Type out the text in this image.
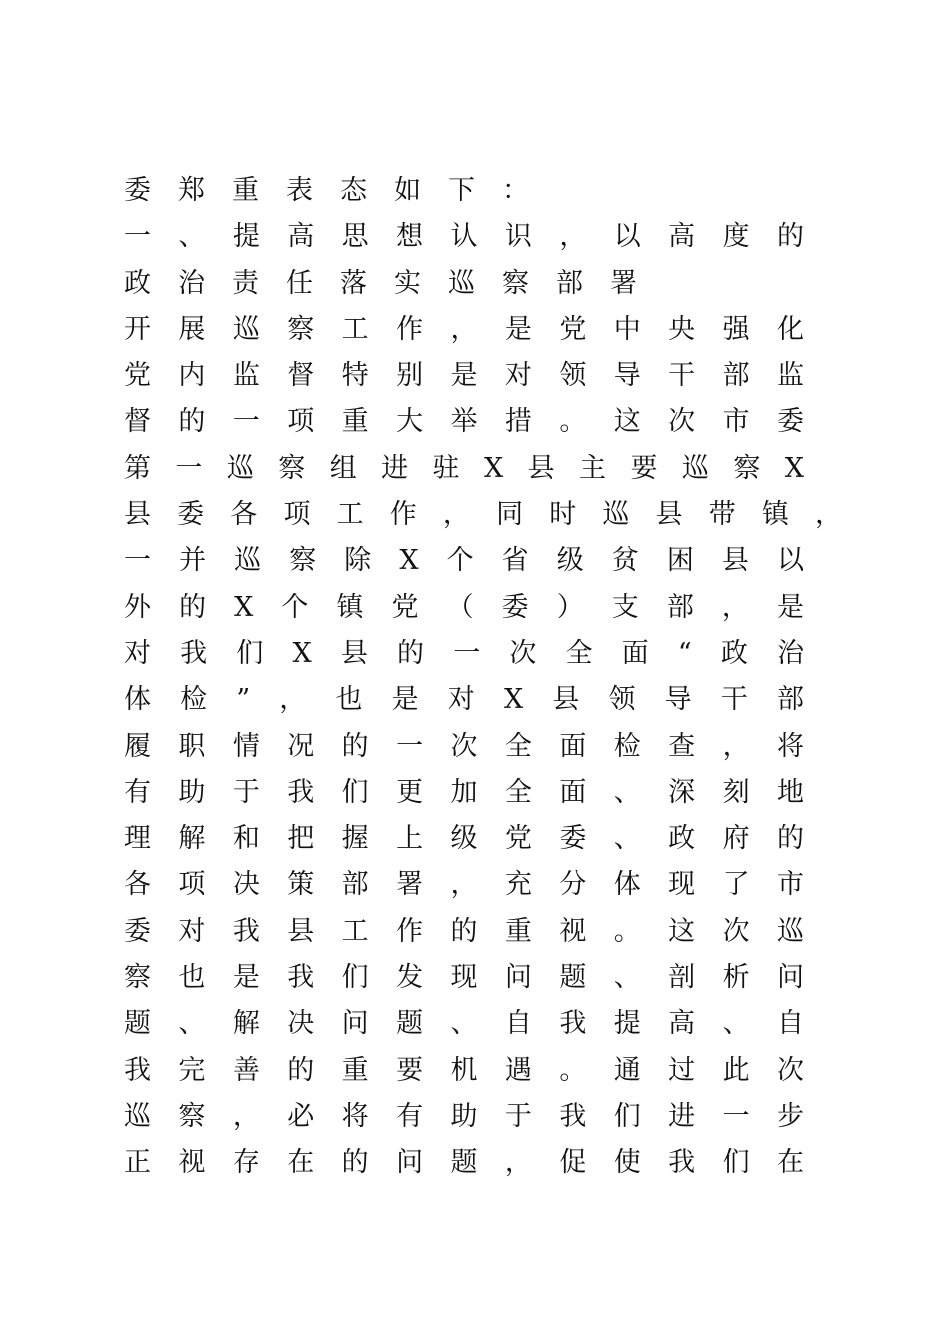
委郑重表态如下：
一、提高思想认识，以高度的
政治责任落实巡察部署
开展巡察工作，是党中央强化
党内监督特别是对领导干部监
督的一项重大举措。这次市委
第一巡察组进驻X县主要巡察X
县委各项工作，同时巡县带镇，
一并巡察除X个省级贫困县以
外的X个镇党（委）支部，是
对我们X县的一次全面“政治
体检”，也是对X县领导干部
履职情况的一次全面检查，将
有助于我们更加全面、深刻地
理解和把握上级党委、政府的
各项决策部署，充分体现了市
委对我县工作的重视。这次巡
察也是我们发现问题、剖析问
题、解决问题、自我提高、自
我完善的重要机遇。通过此次
巡察，必将有助于我们进一步
正视存在的问题，促使我们在
